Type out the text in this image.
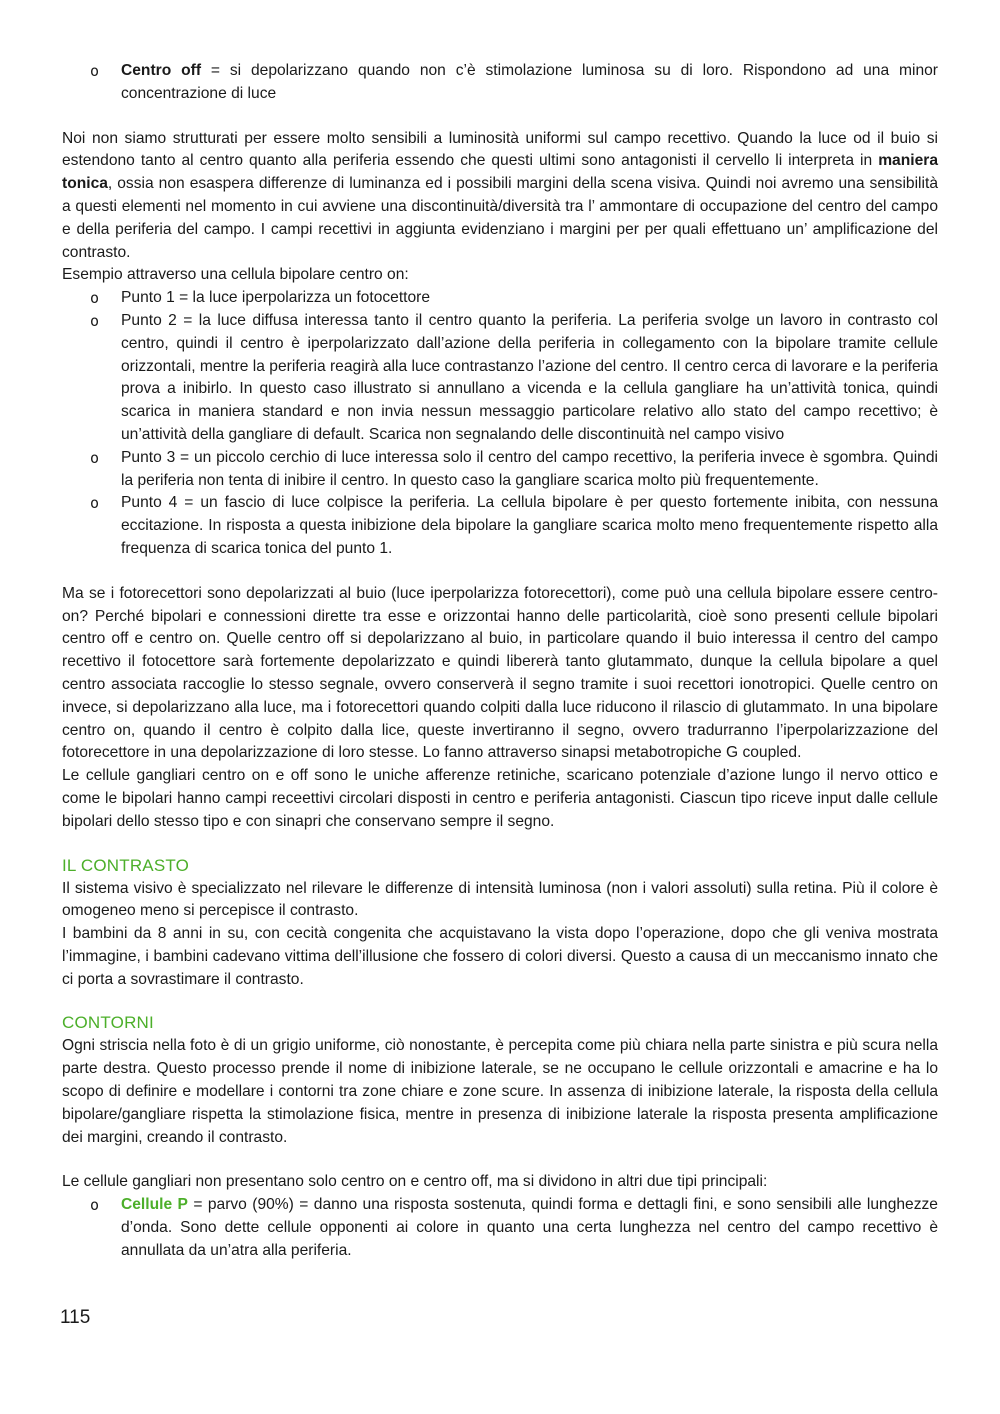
o Centro off = si depolarizzano quando non c’è stimolazione luminosa su di loro. Rispondono ad una minor concentrazione di luce

Noi non siamo strutturati per essere molto sensibili a luminosità uniformi sul campo recettivo. Quando la luce od il buio si estendono tanto al centro quanto alla periferia essendo che questi ultimi sono antagonisti il cervello li interpreta in maniera tonica, ossia non esaspera differenze di luminanza ed i possibili margini della scena visiva. Quindi noi avremo una sensibilità a questi elementi nel momento in cui avviene una discontinuità/diversità tra l’ ammontare di occupazione del centro del campo e della periferia del campo. I campi recettivi in aggiunta evidenziano i margini per per quali effettuano un’ amplificazione del contrasto.

Esempio attraverso una cellula bipolare centro on:

o Punto 1 = la luce iperpolarizza un fotocettore
o Punto 2 = la luce diffusa interessa tanto il centro quanto la periferia. La periferia svolge un lavoro in contrasto col centro, quindi il centro è iperpolarizzato dall’azione della periferia in collegamento con la bipolare tramite cellule orizzontali, mentre la periferia reagirà alla luce contrastanzo l’azione del centro. Il centro cerca di lavorare e la periferia prova a inibirlo. In questo caso illustrato si annullano a vicenda e la cellula gangliare ha un’attività tonica, quindi scarica in maniera standard e non invia nessun messaggio particolare relativo allo stato del campo recettivo; è un’attività della gangliare di default. Scarica non segnalando delle discontinuità nel campo visivo
o Punto 3 = un piccolo cerchio di luce interessa solo il centro del campo recettivo, la periferia invece è sgombra. Quindi la periferia non tenta di inibire il centro. In questo caso la gangliare scarica molto più frequentemente.
o Punto 4 = un fascio di luce colpisce la periferia. La cellula bipolare è per questo fortemente inibita, con nessuna eccitazione. In risposta a questa inibizione dela bipolare la gangliare scarica molto meno frequentemente rispetto alla frequenza di scarica tonica del punto 1.

Ma se i fotorecettori sono depolarizzati al buio (luce iperpolarizza fotorecettori), come può una cellula bipolare essere centro-on? Perché bipolari e connessioni dirette tra esse e orizzontai hanno delle particolarità, cioè sono presenti cellule bipolari centro off e centro on. Quelle centro off si depolarizzano al buio, in particolare quando il buio interessa il centro del campo recettivo il fotocettore sarà fortemente depolarizzato e quindi libererà tanto glutammato, dunque la cellula bipolare a quel centro associata raccoglie lo stesso segnale, ovvero conserverà il segno tramite i suoi recettori ionotropici. Quelle centro on invece, si depolarizzano alla luce, ma i fotorecettori quando colpiti dalla luce riducono il rilascio di glutammato. In una bipolare centro on, quando il centro è colpito dalla lice, queste invertiranno il segno, ovvero tradurranno l’iperpolarizzazione del fotorecettore in una depolarizzazione di loro stesse. Lo fanno attraverso sinapsi metabotropiche G coupled.

Le cellule gangliari centro on e off sono le uniche afferenze retiniche, scaricano potenziale d’azione lungo il nervo ottico e come le bipolari hanno campi receettivi circolari disposti in centro e periferia antagonisti. Ciascun tipo riceve input dalle cellule bipolari dello stesso tipo e con sinapri che conservano sempre il segno.

IL CONTRASTO

Il sistema visivo è specializzato nel rilevare le differenze di intensità luminosa (non i valori assoluti) sulla retina. Più il colore è omogeneo meno si percepisce il contrasto.

I bambini da 8 anni in su, con cecità congenita che acquistavano la vista dopo l’operazione, dopo che gli veniva mostrata l’immagine, i bambini cadevano vittima dell’illusione che fossero di colori diversi. Questo a causa di un meccanismo innato che ci porta a sovrastimare il contrasto.

CONTORNI

Ogni striscia nella foto è di un grigio uniforme, ciò nonostante, è percepita come più chiara nella parte sinistra e più scura nella parte destra. Questo processo prende il nome di inibizione laterale, se ne occupano le cellule orizzontali e amacrine e ha lo scopo di definire e modellare i contorni tra zone chiare e zone scure. In assenza di inibizione laterale, la risposta della cellula bipolare/gangliare rispetta la stimolazione fisica, mentre in presenza di inibizione laterale la risposta presenta amplificazione dei margini, creando il contrasto.

Le cellule gangliari non presentano solo centro on e centro off, ma si dividono in altri due tipi principali:

o Cellule P = parvo (90%) = danno una risposta sostenuta, quindi forma e dettagli fini, e sono sensibili alle lunghezze d’onda. Sono dette cellule opponenti ai colore in quanto una certa lunghezza nel centro del campo recettivo è annullata da un’atra alla periferia.
115
